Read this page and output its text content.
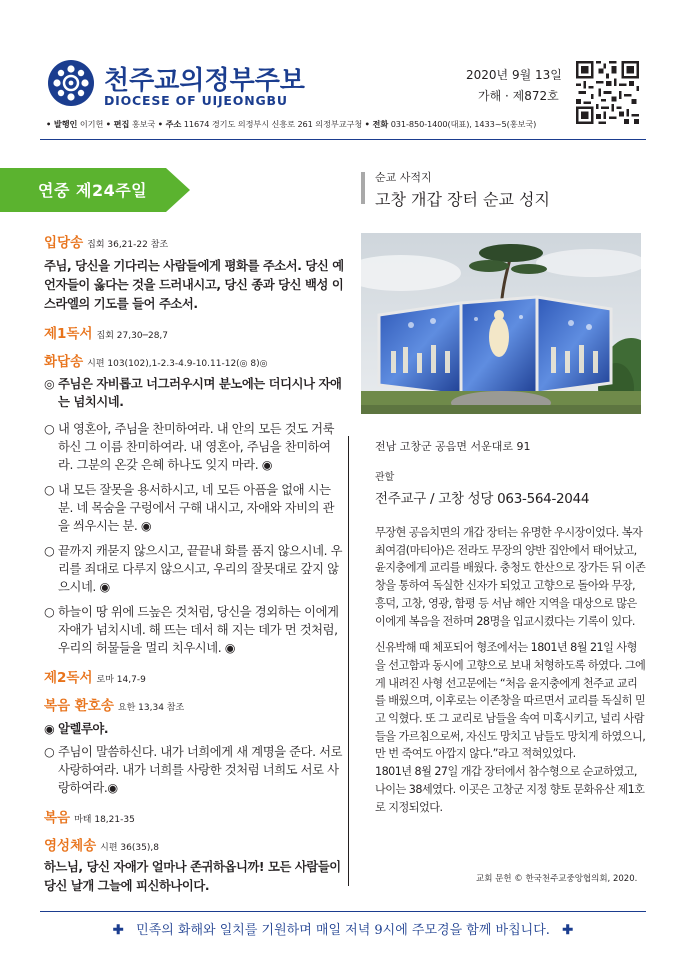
천주교의정부주보
DIOCESE OF UIJEONGBU
2020년 9월 13일
가해 · 제872호
• 발행인 이기헌 • 편집 홍보국 • 주소 11674 경기도 의정부시 신흥로 261 의정부교구청 • 전화 031-850-1400(대표), 1433~5(홍보국)
연중 제24주일
입당송 집회 36,21-22 참조
주님, 당신을 기다리는 사람들에게 평화를 주소서. 당신 예언자들이 옳다는 것을 드러내시고, 당신 종과 당신 백성 이스라엘의 기도를 들어 주소서.
제1독서 집회 27,30─28,7
화답송 시편 103(102),1-2.3-4.9-10.11-12(◎ 8)◎
◎ 주님은 자비롭고 너그러우시며 분노에는 더디시나 자애는 넘치시네.
○ 내 영혼아, 주님을 찬미하여라. 내 안의 모든 것도 거룩하신 그 이름 찬미하여라. 내 영혼아, 주님을 찬미하여라. 그분의 온갖 은혜 하나도 잊지 마라. ◉
○ 내 모든 잘못을 용서하시고, 네 모든 아픔을 없애 시는 분. 네 목숨을 구렁에서 구해 내시고, 자애와 자비의 관을 씌우시는 분. ◉
○ 끝까지 캐묻지 않으시고, 끝끝내 화를 품지 않으시네. 우리를 죄대로 다루지 않으시고, 우리의 잘못대로 갚지 않으시네. ◉
○ 하늘이 땅 위에 드높은 것처럼, 당신을 경외하는 이에게 자애가 넘치시네. 해 뜨는 데서 해 지는 데가 먼 것처럼, 우리의 허물들을 멀리 치우시네. ◉
제2독서 로마 14,7-9
복음 환호송 요한 13,34 참조
◉ 알렐루야.
○ 주님이 말씀하신다. 내가 너희에게 새 계명을 준다. 서로 사랑하여라. 내가 너희를 사랑한 것처럼 너희도 서로 사랑하여라.◉
복음 마태 18,21-35
영성체송 시편 36(35),8
하느님, 당신 자애가 얼마나 존귀하옵니까! 모든 사람들이 당신 날개 그늘에 피신하나이다.
순교 사적지
고창 개갑 장터 순교 성지
전남 고창군 공음면 서운대로 91
관할
전주교구 / 고창 성당 063-564-2044

무장현 공음치면의 개갑 장터는 유명한 우시장이었다. 복자 최여겸(마티아)은 전라도 무장의 양반 집안에서 태어났고, 윤지충에게 교리를 배웠다. 충청도 한산으로 장가든 뒤 이존창을 통하여 독실한 신자가 되었고 고향으로 돌아와 무장, 흥덕, 고창, 영광, 함평 등 서남 해안 지역을 대상으로 많은 이에게 복음을 전하며 28명을 입교시켰다는 기록이 있다.

신유박해 때 체포되어 형조에서는 1801년 8월 21일 사형을 선고함과 동시에 고향으로 보내 처형하도록 하였다. 그에게 내려진 사형 선고문에는 “처음 윤지충에게 천주교 교리를 배웠으며, 이후로는 이존창을 따르면서 교리를 독실히 믿고 익혔다. 또 그 교리로 남들을 속여 미혹시키고, 널리 사람들을 가르침으로써, 자신도 망치고 남들도 망치게 하였으니, 만 번 죽여도 아깝지 않다.”라고 적혀있었다.

1801년 8월 27일 개갑 장터에서 참수형으로 순교하였고, 나이는 38세였다. 이곳은 고창군 지정 향토 문화유산 제1호로 지정되었다.

교회 문헌 © 한국천주교중앙협의회, 2020.
✚ 민족의 화해와 일치를 기원하며 매일 저녁 9시에 주모경을 함께 바칩니다. ✚
